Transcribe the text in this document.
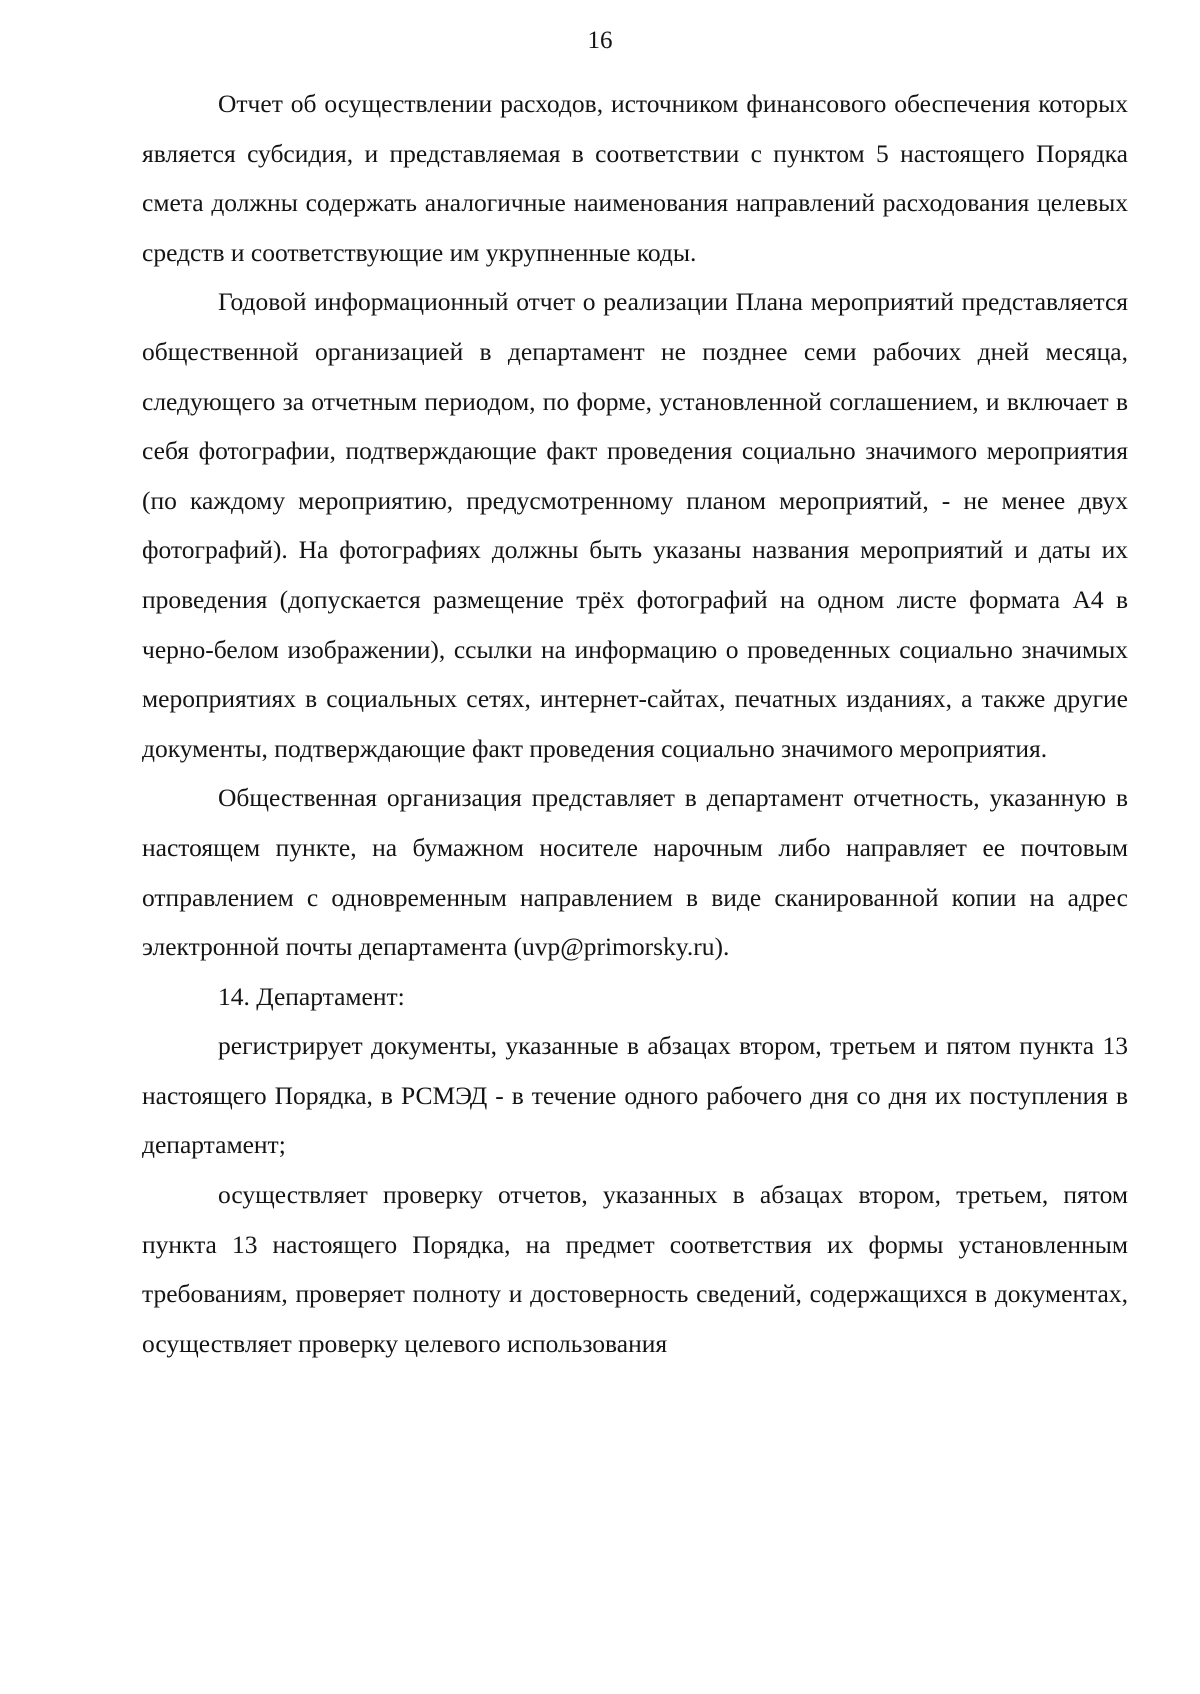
16

Отчет об осуществлении расходов, источником финансового обеспечения которых является субсидия, и представляемая в соответствии с пунктом 5 настоящего Порядка смета должны содержать аналогичные наименования направлений расходования целевых средств и соответствующие им укрупненные коды.

Годовой информационный отчет о реализации Плана мероприятий представляется общественной организацией в департамент не позднее семи рабочих дней месяца, следующего за отчетным периодом, по форме, установленной соглашением, и включает в себя фотографии, подтверждающие факт проведения социально значимого мероприятия (по каждому мероприятию, предусмотренному планом мероприятий, - не менее двух фотографий). На фотографиях должны быть указаны названия мероприятий и даты их проведения (допускается размещение трёх фотографий на одном листе формата А4 в черно-белом изображении), ссылки на информацию о проведенных социально значимых мероприятиях в социальных сетях, интернет-сайтах, печатных изданиях, а также другие документы, подтверждающие факт проведения социально значимого мероприятия.

Общественная организация представляет в департамент отчетность, указанную в настоящем пункте, на бумажном носителе нарочным либо направляет ее почтовым отправлением с одновременным направлением в виде сканированной копии на адрес электронной почты департамента (uvp@primorsky.ru).

14. Департамент:

регистрирует документы, указанные в абзацах втором, третьем и пятом пункта 13 настоящего Порядка, в РСМЭД - в течение одного рабочего дня со дня их поступления в департамент;

осуществляет проверку отчетов, указанных в абзацах втором, третьем, пятом пункта 13 настоящего Порядка, на предмет соответствия их формы установленным требованиям, проверяет полноту и достоверность сведений, содержащихся в документах, осуществляет проверку целевого использования
